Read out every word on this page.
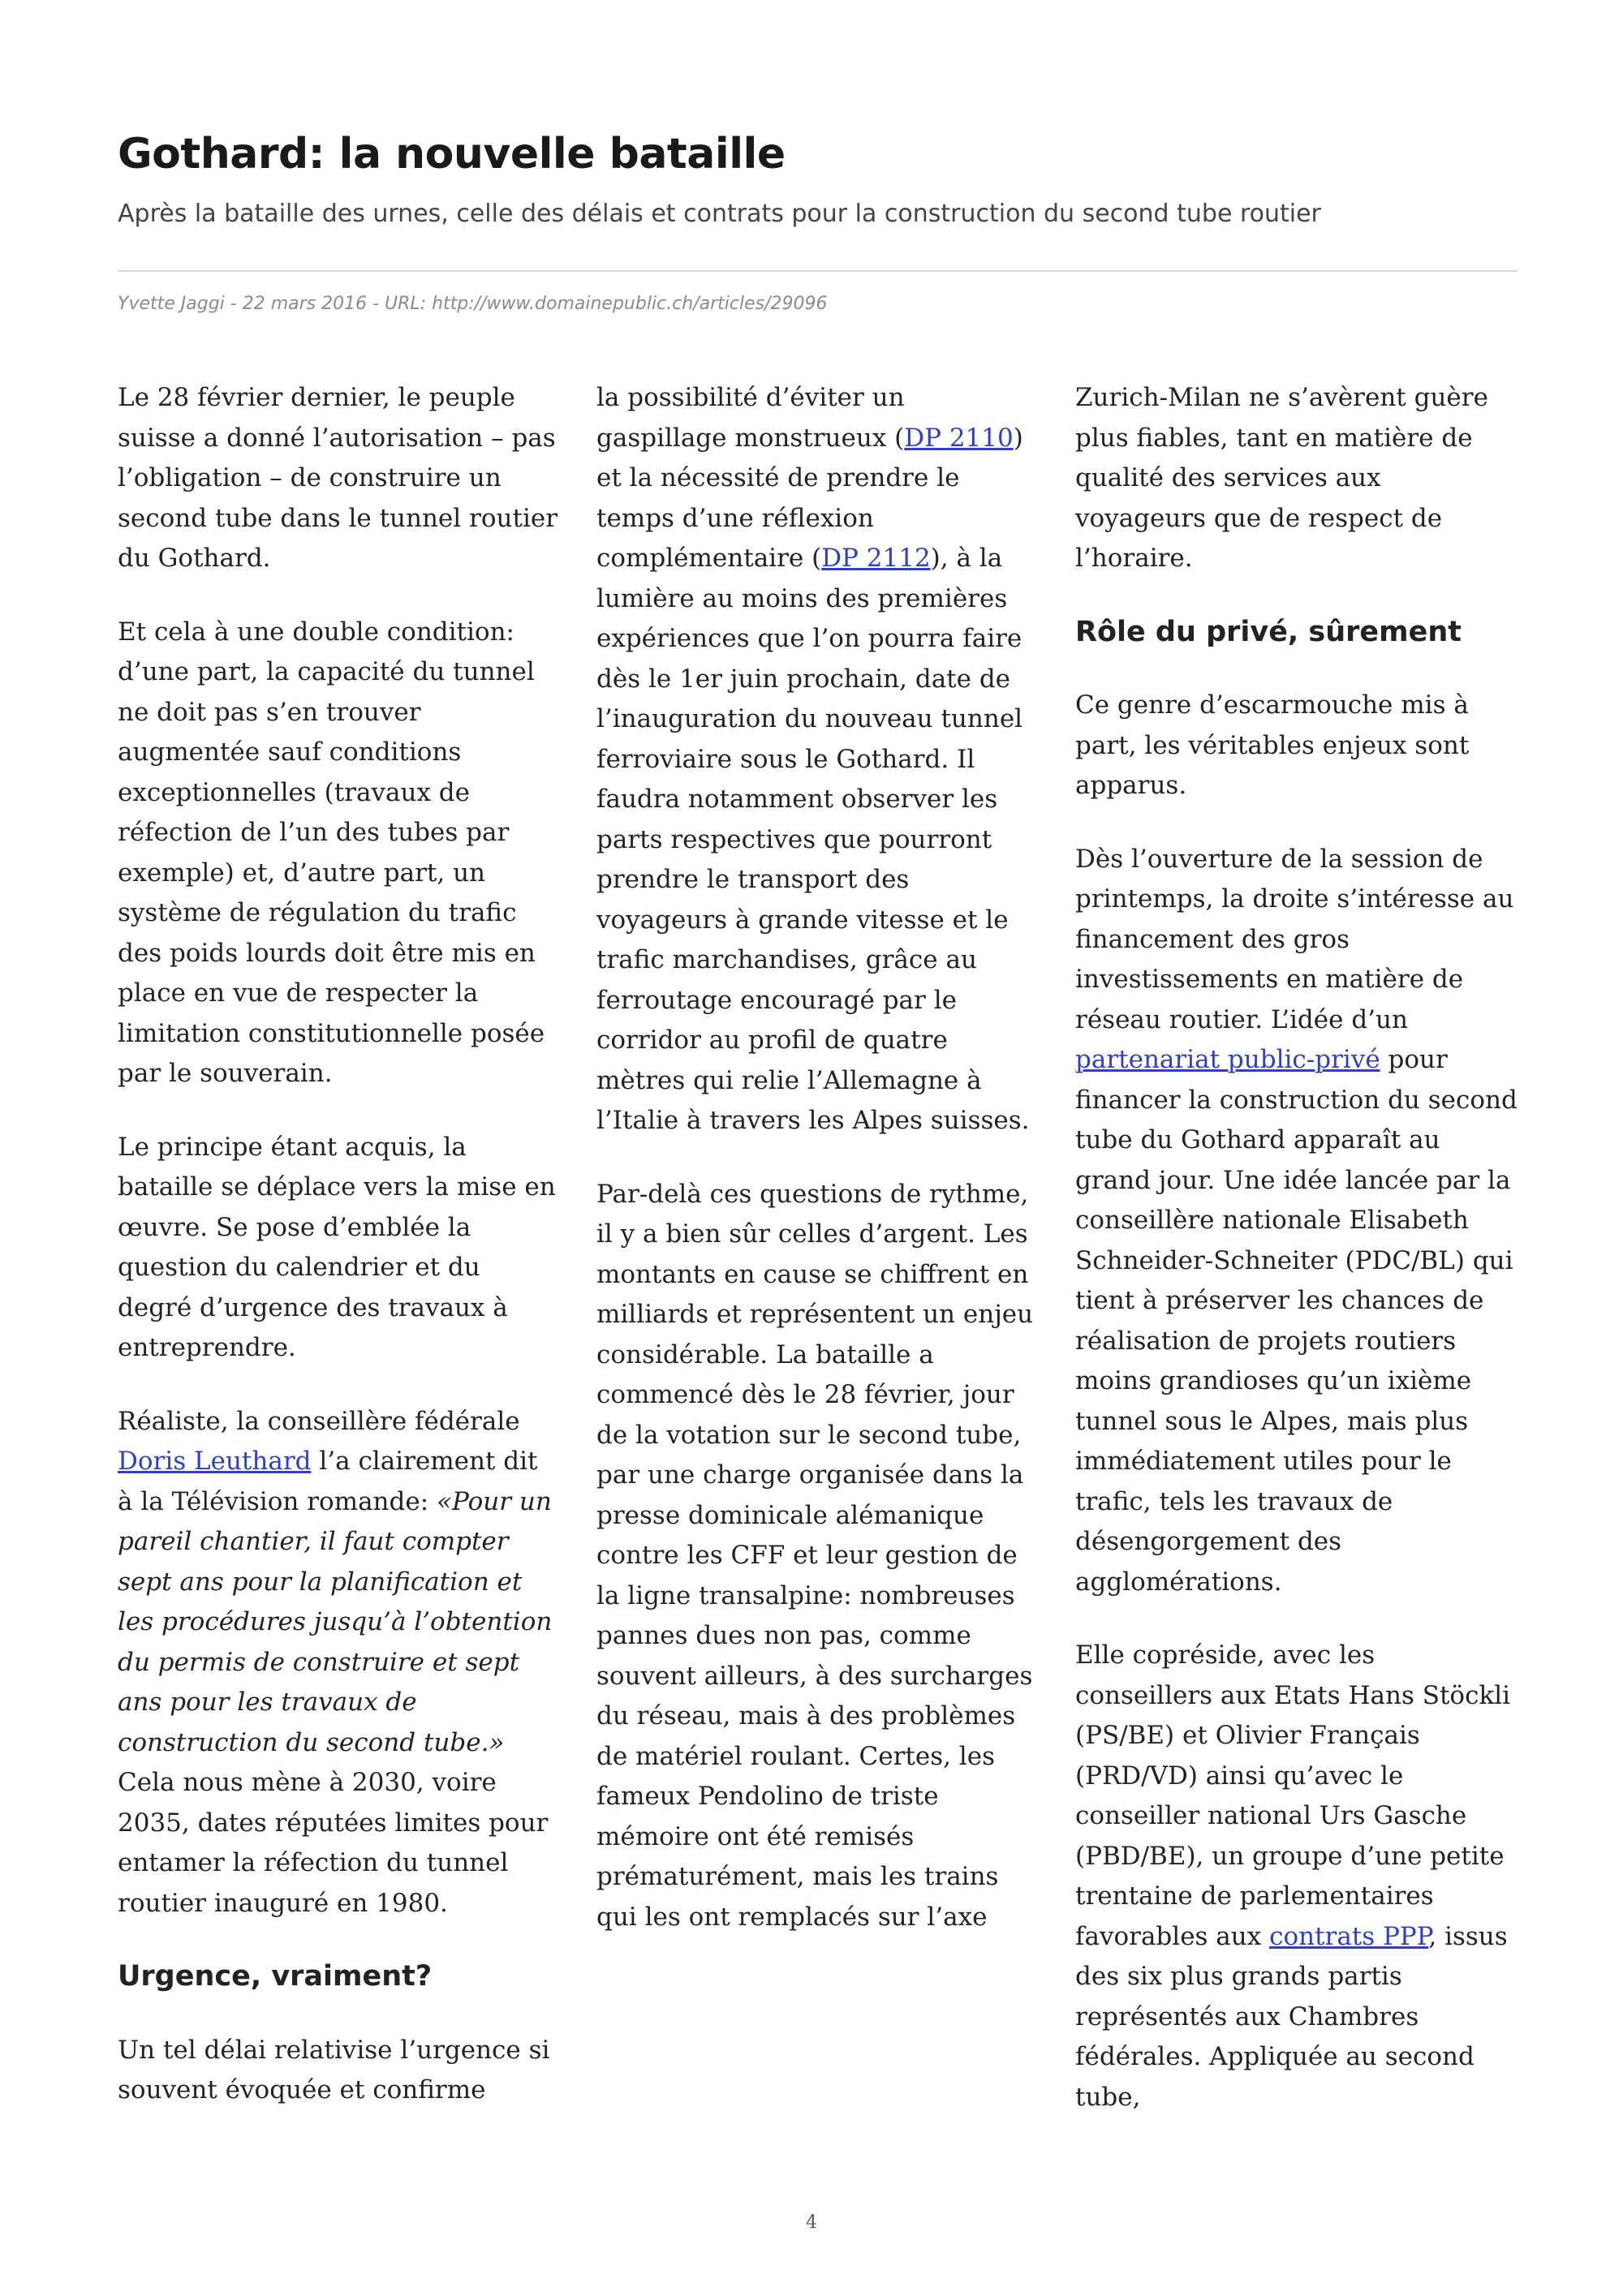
Gothard: la nouvelle bataille
Après la bataille des urnes, celle des délais et contrats pour la construction du second tube routier
Yvette Jaggi - 22 mars 2016 - URL: http://www.domainepublic.ch/articles/29096

Le 28 février dernier, le peuple suisse a donné l’autorisation – pas l’obligation – de construire un second tube dans le tunnel routier du Gothard.

Et cela à une double condition: d’une part, la capacité du tunnel ne doit pas s’en trouver augmentée sauf conditions exceptionnelles (travaux de réfection de l’un des tubes par exemple) et, d’autre part, un système de régulation du trafic des poids lourds doit être mis en place en vue de respecter la limitation constitutionnelle posée par le souverain.

Le principe étant acquis, la bataille se déplace vers la mise en œuvre. Se pose d’emblée la question du calendrier et du degré d’urgence des travaux à entreprendre.

Réaliste, la conseillère fédérale Doris Leuthard l’a clairement dit à la Télévision romande: «Pour un pareil chantier, il faut compter sept ans pour la planification et les procédures jusqu’à l’obtention du permis de construire et sept ans pour les travaux de construction du second tube.» Cela nous mène à 2030, voire 2035, dates réputées limites pour entamer la réfection du tunnel routier inauguré en 1980.

Urgence, vraiment?

Un tel délai relativise l’urgence si souvent évoquée et confirme

la possibilité d’éviter un gaspillage monstrueux (DP 2110) et la nécessité de prendre le temps d’une réflexion complémentaire (DP 2112), à la lumière au moins des premières expériences que l’on pourra faire dès le 1er juin prochain, date de l’inauguration du nouveau tunnel ferroviaire sous le Gothard. Il faudra notamment observer les parts respectives que pourront prendre le transport des voyageurs à grande vitesse et le trafic marchandises, grâce au ferroutage encouragé par le corridor au profil de quatre mètres qui relie l’Allemagne à l’Italie à travers les Alpes suisses.

Par-delà ces questions de rythme, il y a bien sûr celles d’argent. Les montants en cause se chiffrent en milliards et représentent un enjeu considérable. La bataille a commencé dès le 28 février, jour de la votation sur le second tube, par une charge organisée dans la presse dominicale alémanique contre les CFF et leur gestion de la ligne transalpine: nombreuses pannes dues non pas, comme souvent ailleurs, à des surcharges du réseau, mais à des problèmes de matériel roulant. Certes, les fameux Pendolino de triste mémoire ont été remisés prématurément, mais les trains qui les ont remplacés sur l’axe

Zurich-Milan ne s’avèrent guère plus fiables, tant en matière de qualité des services aux voyageurs que de respect de l’horaire.

Rôle du privé, sûrement

Ce genre d’escarmouche mis à part, les véritables enjeux sont apparus.

Dès l’ouverture de la session de printemps, la droite s’intéresse au financement des gros investissements en matière de réseau routier. L’idée d’un partenariat public-privé pour financer la construction du second tube du Gothard apparaît au grand jour. Une idée lancée par la conseillère nationale Elisabeth Schneider-Schneiter (PDC/BL) qui tient à préserver les chances de réalisation de projets routiers moins grandioses qu’un ixième tunnel sous le Alpes, mais plus immédiatement utiles pour le trafic, tels les travaux de désengorgement des agglomérations.

Elle copréside, avec les conseillers aux Etats Hans Stöckli (PS/BE) et Olivier Français (PRD/VD) ainsi qu’avec le conseiller national Urs Gasche (PBD/BE), un groupe d’une petite trentaine de parlementaires favorables aux contrats PPP, issus des six plus grands partis représentés aux Chambres fédérales. Appliquée au second tube,

4
